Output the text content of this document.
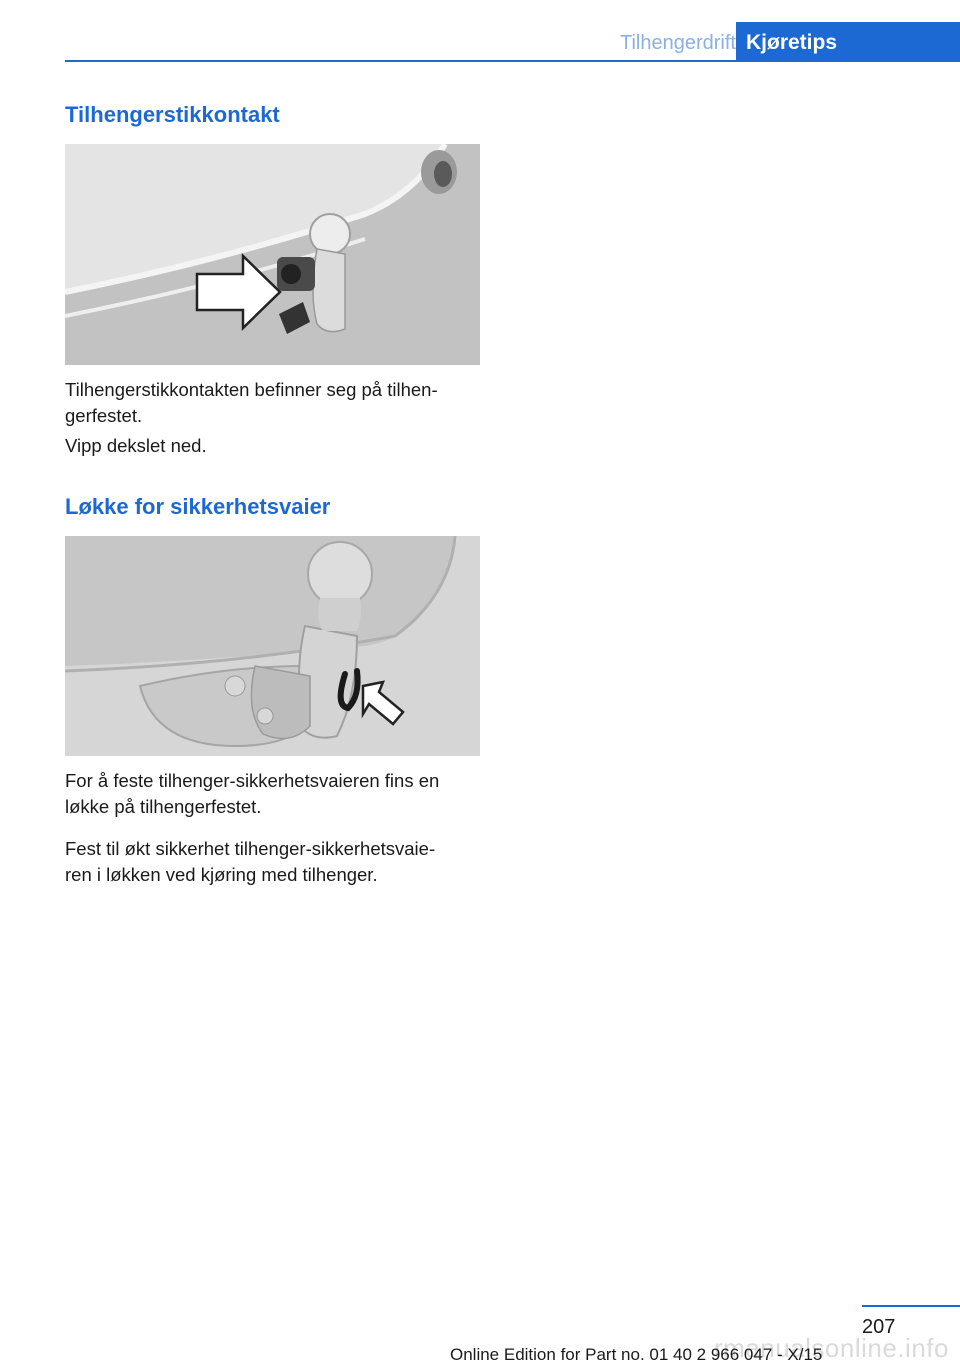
Tilhengerdrift Kjøretips
Tilhengerstikkontakt

Tilhengerstikkontakten befinner seg på tilhen-
gerfestet.

Vipp dekslet ned.

Løkke for sikkerhetsvaier

For å feste tilhenger-sikkerhetsvaieren fins en
løkke på tilhengerfestet.

Fest til økt sikkerhet tilhenger-sikkerhetsvaie-
ren i løkken ved kjøring med tilhenger.

207
rmanualsonline.info
Online Edition for Part no. 01 40 2 966 047 - X/15
